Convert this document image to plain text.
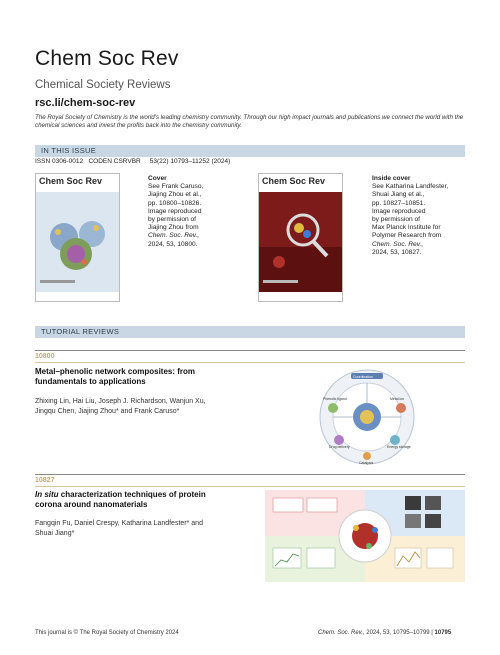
Chem Soc Rev
Chemical Society Reviews
rsc.li/chem-soc-rev
The Royal Society of Chemistry is the world's leading chemistry community. Through our high impact journals and publications we connect the world with the chemical sciences and invest the profits back into the chemistry community.
IN THIS ISSUE
ISSN 0306-0012   CODEN CSRVBR     53(22) 10793–11252 (2024)
Chem Soc Rev	Cover
See Frank Caruso,
Jiajing Zhou et al.,
pp. 10800–10826.
Image reproduced
by permission of
Jiajing Zhou from
Chem. Soc. Rev.,
2024, 53, 10800.
Chem Soc Rev	Inside cover
See Katharina Landfester,
Shuai Jiang et al.,
pp. 10827–10851.
Image reproduced
by permission of
Max Planck Institute for
Polymer Research from
Chem. Soc. Rev.,
2024, 53, 10827.
TUTORIAL REVIEWS
10800
Metal–phenolic network composites: from
fundamentals to applications
Zhixing Lin, Hai Liu, Joseph J. Richardson, Wanjun Xu,
Jingqu Chen, Jiajing Zhou* and Frank Caruso*
Coordination
Phenolic ligand	Metal ion
Energy storage
Drug delivery
Catalysis
10827
In situ characterization techniques of protein
corona around nanomaterials
Fangqin Fu, Daniel Crespy, Katharina Landfester* and
Shuai Jiang*
This journal is © The Royal Society of Chemistry 2024	Chem. Soc. Rev., 2024, 53, 10795–10799 | 10795
